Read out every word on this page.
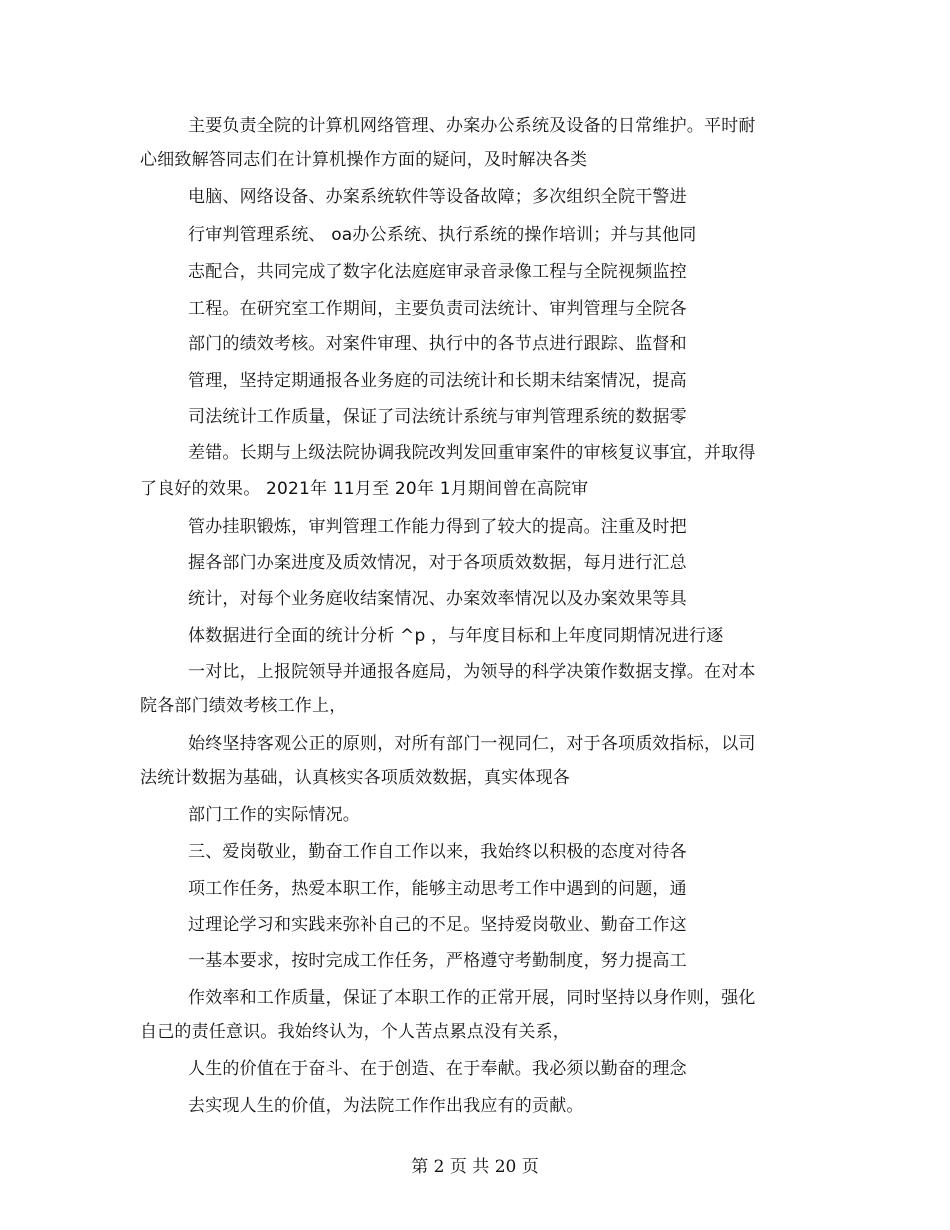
主要负责全院的计算机网络管理、办案办公系统及设备的日常维护。平时耐
心细致解答同志们在计算机操作方面的疑问，及时解决各类
电脑、网络设备、办案系统软件等设备故障；多次组织全院干警进
行审判管理系统、 oa办公系统、执行系统的操作培训；并与其他同
志配合，共同完成了数字化法庭庭审录音录像工程与全院视频监控
工程。在研究室工作期间，主要负责司法统计、审判管理与全院各
部门的绩效考核。对案件审理、执行中的各节点进行跟踪、监督和
管理，坚持定期通报各业务庭的司法统计和长期未结案情况，提高
司法统计工作质量，保证了司法统计系统与审判管理系统的数据零
差错。长期与上级法院协调我院改判发回重审案件的审核复议事宜，并取得
了良好的效果。 2021年 11月至 20年 1月期间曾在高院审
管办挂职锻炼，审判管理工作能力得到了较大的提高。注重及时把
握各部门办案进度及质效情况，对于各项质效数据，每月进行汇总
统计，对每个业务庭收结案情况、办案效率情况以及办案效果等具
体数据进行全面的统计分析 ^p ，与年度目标和上年度同期情况进行逐
一对比，上报院领导并通报各庭局，为领导的科学决策作数据支撑。在对本
院各部门绩效考核工作上，
始终坚持客观公正的原则，对所有部门一视同仁，对于各项质效指标，以司
法统计数据为基础，认真核实各项质效数据，真实体现各
部门工作的实际情况。
三、爱岗敬业，勤奋工作自工作以来，我始终以积极的态度对待各
项工作任务，热爱本职工作，能够主动思考工作中遇到的问题，通
过理论学习和实践来弥补自己的不足。坚持爱岗敬业、勤奋工作这
一基本要求，按时完成工作任务，严格遵守考勤制度，努力提高工
作效率和工作质量，保证了本职工作的正常开展，同时坚持以身作则，强化
自己的责任意识。我始终认为，个人苦点累点没有关系，
人生的价值在于奋斗、在于创造、在于奉献。我必须以勤奋的理念
去实现人生的价值，为法院工作作出我应有的贡献。
第 2 页 共 20 页
